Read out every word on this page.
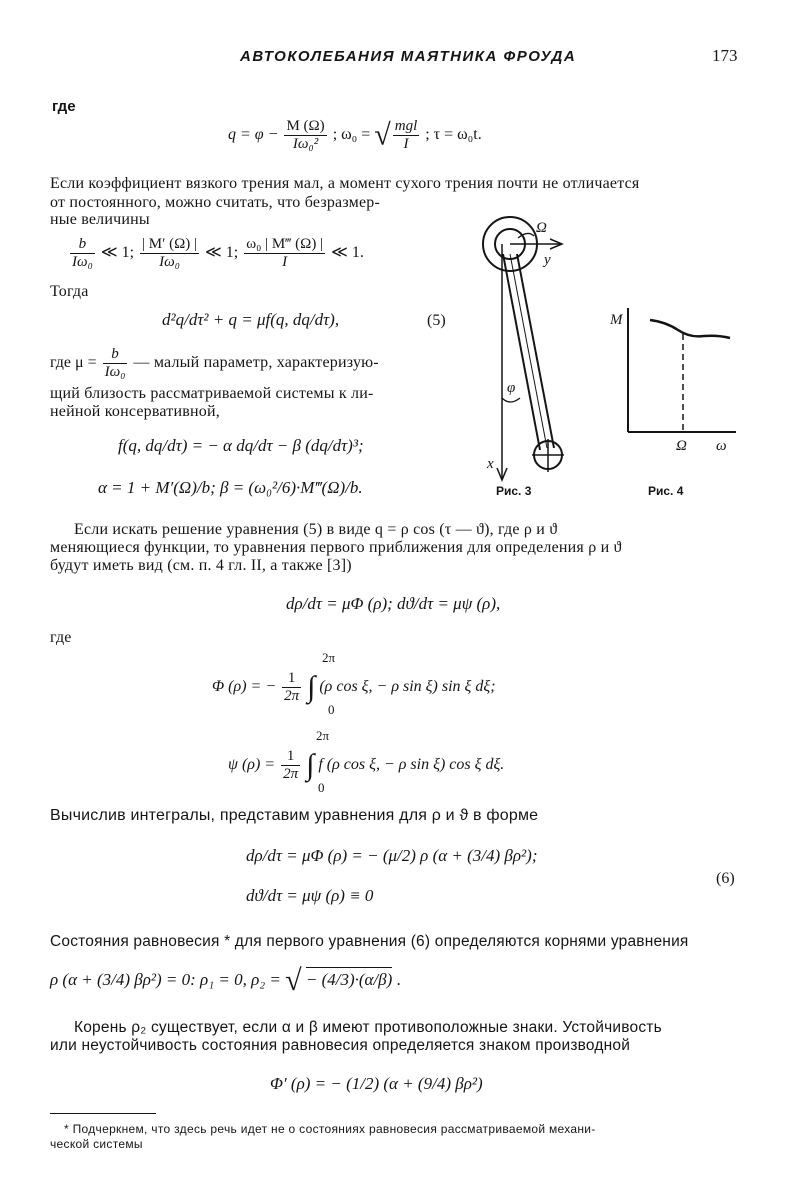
АВТОКОЛЕБАНИЯ МАЯТНИКА ФРОУДА	173
где
$q = \varphi - \frac{M (\Omega)}{\text{Iω₀²}}$ ; ω₀ = √ $\frac{\text{mgl}}{I}$ ; τ = ω₀t.
Если коэффициент вязкого трения мал, а момент сухого трения почти не отличается
от постоянного, можно считать, что безразмер-
ные величины
$\frac{b}{\text{Iω₀}}$ ≪ 1; $\frac{| M' (\Omega) |}{\text{Iω₀}}$ ≪ 1; $\frac{\text{ω₀ | M‴ (Ω) |}}{I}$ ≪ 1.
Тогда
d²q/dτ² + q = μf(q, dq/dτ),	(5)
где $\mu = \frac{b}{\text{Iω₀}}$ — малый параметр, характеризую-
щий близость рассматриваемой системы к ли-
нейной консервативной,
f(q, dq/dτ) = − α dq/dτ − β (dq/dτ)³;
α = 1 + M′(Ω)/b; β = (ω₀²/6)·M‴(Ω)/b.
Ω
y
φ
x
Рис. 3
M
Ω ω
Рис. 4
Если искать решение уравнения (5) в виде q = ρ cos (τ — ϑ), где ρ и ϑ
меняющиеся функции, то уравнения первого приближения для определения ρ и ϑ
будут иметь вид (см. п. 4 гл. II, а также [3])
dρ/dτ = μΦ (ρ); dϑ/dτ = μψ (ρ),
где
2π
Φ (ρ) = − $\frac{1}{2\pi}$ ∫ (ρ cos ξ, − ρ sin ξ) sin ξ dξ;
0
2π
ψ $(\rho) = \frac{1}{2\pi}$ ∫ f (ρ cos ξ, − ρ sin ξ) cos ξ dξ.
0
Вычислив интегралы, представим уравнения для ρ и ϑ в форме
dρ/dτ = μΦ (ρ) = − (μ/2) ρ (α + (3/4) βρ²);
dϑ/dτ = μψ (ρ) ≡ 0
(6)
Состояния равновесия * для первого уравнения (6) определяются корнями уравнения
ρ (α + (3/4) βρ²) = 0: ρ₁ = 0, ρ₂ = √ − (4/3)·(α/β) .
Корень ρ₂ существует, если α и β имеют противоположные знаки. Устойчивость
или неустойчивость состояния равновесия определяется знаком производной
Φ′ (ρ) = − (1/2) (α + (9/4) βρ²)
* Подчеркнем, что здесь речь идет не о состояниях равновесия рассматриваемой механи-
ческой системы
